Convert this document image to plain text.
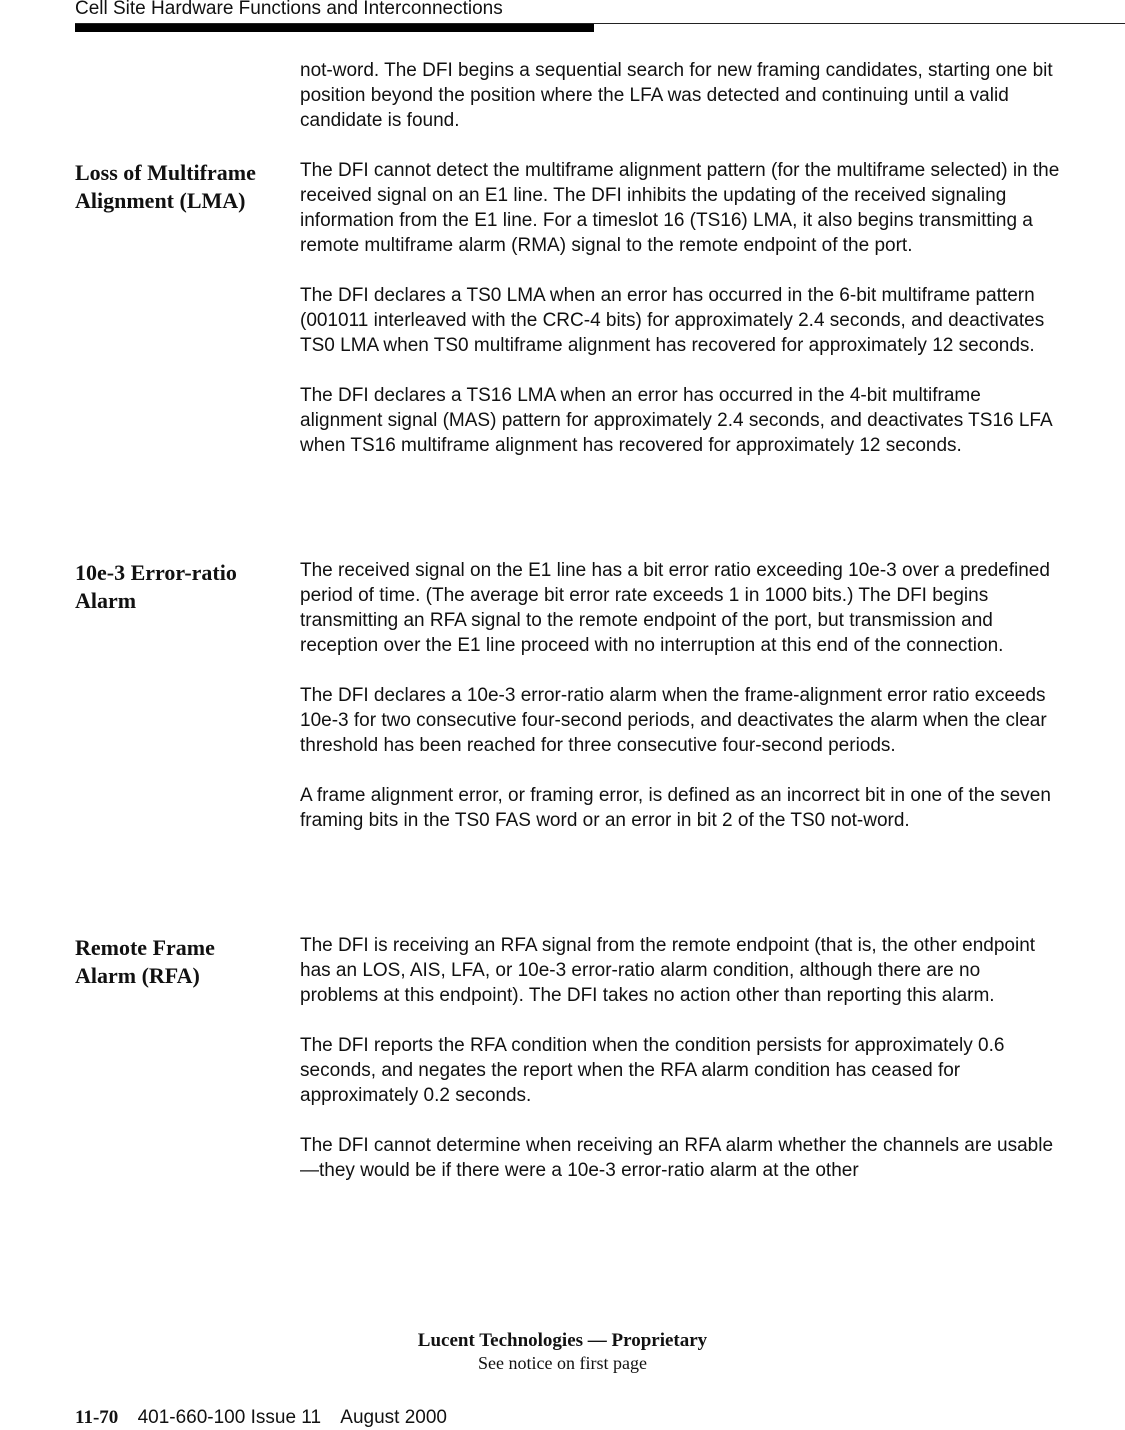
Cell Site Hardware Functions and Interconnections

not-word. The DFI begins a sequential search for new framing candidates, starting one bit position beyond the position where the LFA was detected and continuing until a valid candidate is found.

Loss of Multiframe
Alignment (LMA)

The DFI cannot detect the multiframe alignment pattern (for the multiframe selected) in the received signal on an E1 line. The DFI inhibits the updating of the received signaling information from the E1 line. For a timeslot 16 (TS16) LMA, it also begins transmitting a remote multiframe alarm (RMA) signal to the remote endpoint of the port.

The DFI declares a TS0 LMA when an error has occurred in the 6-bit multiframe pattern (001011 interleaved with the CRC-4 bits) for approximately 2.4 seconds, and deactivates TS0 LMA when TS0 multiframe alignment has recovered for approximately 12 seconds.

The DFI declares a TS16 LMA when an error has occurred in the 4-bit multiframe alignment signal (MAS) pattern for approximately 2.4 seconds, and deactivates TS16 LFA when TS16 multiframe alignment has recovered for approximately 12 seconds.

10e-3 Error-ratio
Alarm

The received signal on the E1 line has a bit error ratio exceeding 10e-3 over a predefined period of time. (The average bit error rate exceeds 1 in 1000 bits.) The DFI begins transmitting an RFA signal to the remote endpoint of the port, but transmission and reception over the E1 line proceed with no interruption at this end of the connection.

The DFI declares a 10e-3 error-ratio alarm when the frame-alignment error ratio exceeds 10e-3 for two consecutive four-second periods, and deactivates the alarm when the clear threshold has been reached for three consecutive four-second periods.

A frame alignment error, or framing error, is defined as an incorrect bit in one of the seven framing bits in the TS0 FAS word or an error in bit 2 of the TS0 not-word.

Remote Frame
Alarm (RFA)

The DFI is receiving an RFA signal from the remote endpoint (that is, the other endpoint has an LOS, AIS, LFA, or 10e-3 error-ratio alarm condition, although there are no problems at this endpoint). The DFI takes no action other than reporting this alarm.

The DFI reports the RFA condition when the condition persists for approximately 0.6 seconds, and negates the report when the RFA alarm condition has ceased for approximately 0.2 seconds.

The DFI cannot determine when receiving an RFA alarm whether the channels are usable—they would be if there were a 10e-3 error-ratio alarm at the other

Lucent Technologies — Proprietary
See notice on first page
11-70 401-660-100 Issue 11 August 2000
